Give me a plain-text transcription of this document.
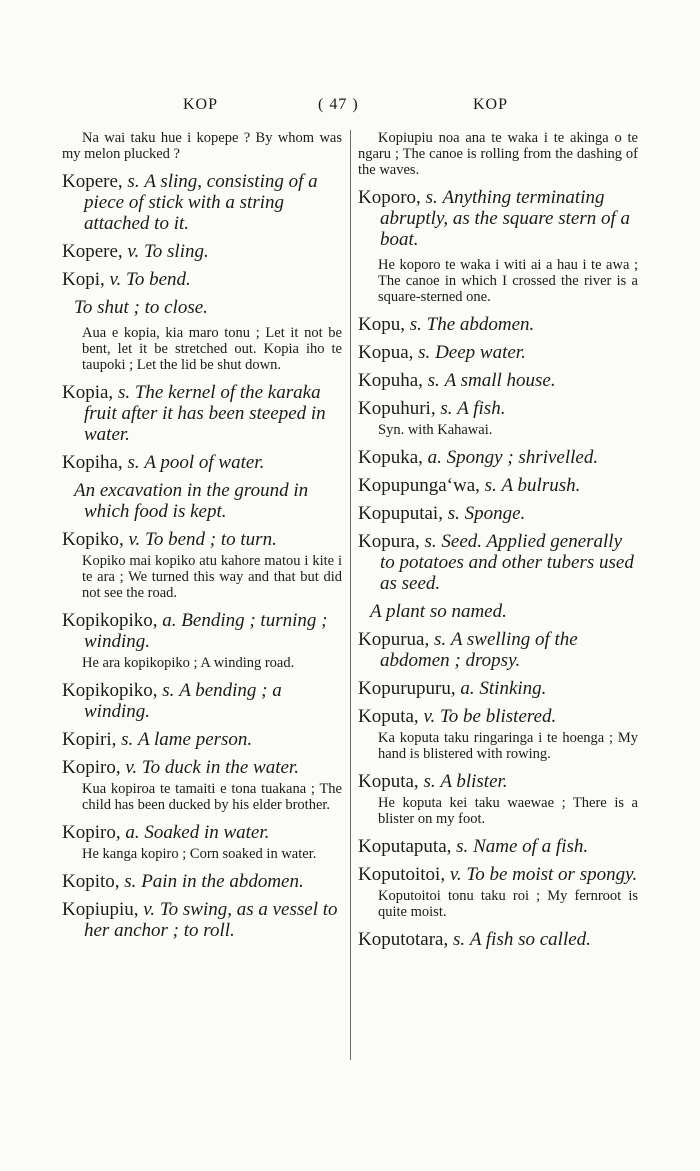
KOP	( 47 )	KOP
Na wai taku hue i kopepe ? By whom was my melon plucked ?
Kopere, s. A sling, consisting of a piece of stick with a string attached to it.
Kopere, v. To sling.
Kopi, v. To bend.
To shut ; to close.
Aua e kopia, kia maro tonu ; Let it not be bent, let it be stretched out. Kopia iho te taupoki ; Let the lid be shut down.
Kopia, s. The kernel of the karaka fruit after it has been steeped in water.
Kopiha, s. A pool of water.
An excavation in the ground in which food is kept.
Kopiko, v. To bend ; to turn.
Kopiko mai kopiko atu kahore matou i kite i te ara ; We turned this way and that but did not see the road.
Kopikopiko, a. Bending ; turning ; winding.
He ara kopikopiko ; A winding road.
Kopikopiko, s. A bending ; a winding.
Kopiri, s. A lame person.
Kopiro, v. To duck in the water.
Kua kopiroa te tamaiti e tona tuakana ; The child has been ducked by his elder brother.
Kopiro, a. Soaked in water.
He kanga kopiro ; Corn soaked in water.
Kopito, s. Pain in the abdomen.
Kopiupiu, v. To swing, as a vessel to her anchor ; to roll.
Kopiupiu noa ana te waka i te akinga o te ngaru ; The canoe is rolling from the dashing of the waves.
Koporo, s. Anything terminating abruptly, as the square stern of a boat.
He koporo te waka i witi ai a hau i te awa ; The canoe in which I crossed the river is a square-sterned one.
Kopu, s. The abdomen.
Kopua, s. Deep water.
Kopuha, s. A small house.
Kopuhuri, s. A fish.
Syn. with Kahawai.
Kopuka, a. Spongy ; shrivelled.
Kopupunga‘wa, s. A bulrush.
Kopuputai, s. Sponge.
Kopura, s. Seed. Applied generally to potatoes and other tubers used as seed.
A plant so named.
Kopurua, s. A swelling of the abdomen ; dropsy.
Kopurupuru, a. Stinking.
Koputa, v. To be blistered.
Ka koputa taku ringaringa i te hoenga ; My hand is blistered with rowing.
Koputa, s. A blister.
He koputa kei taku waewae ; There is a blister on my foot.
Koputaputa, s. Name of a fish.
Koputoitoi, v. To be moist or spongy.
Koputoitoi tonu taku roi ; My fernroot is quite moist.
Koputotara, s. A fish so called.
